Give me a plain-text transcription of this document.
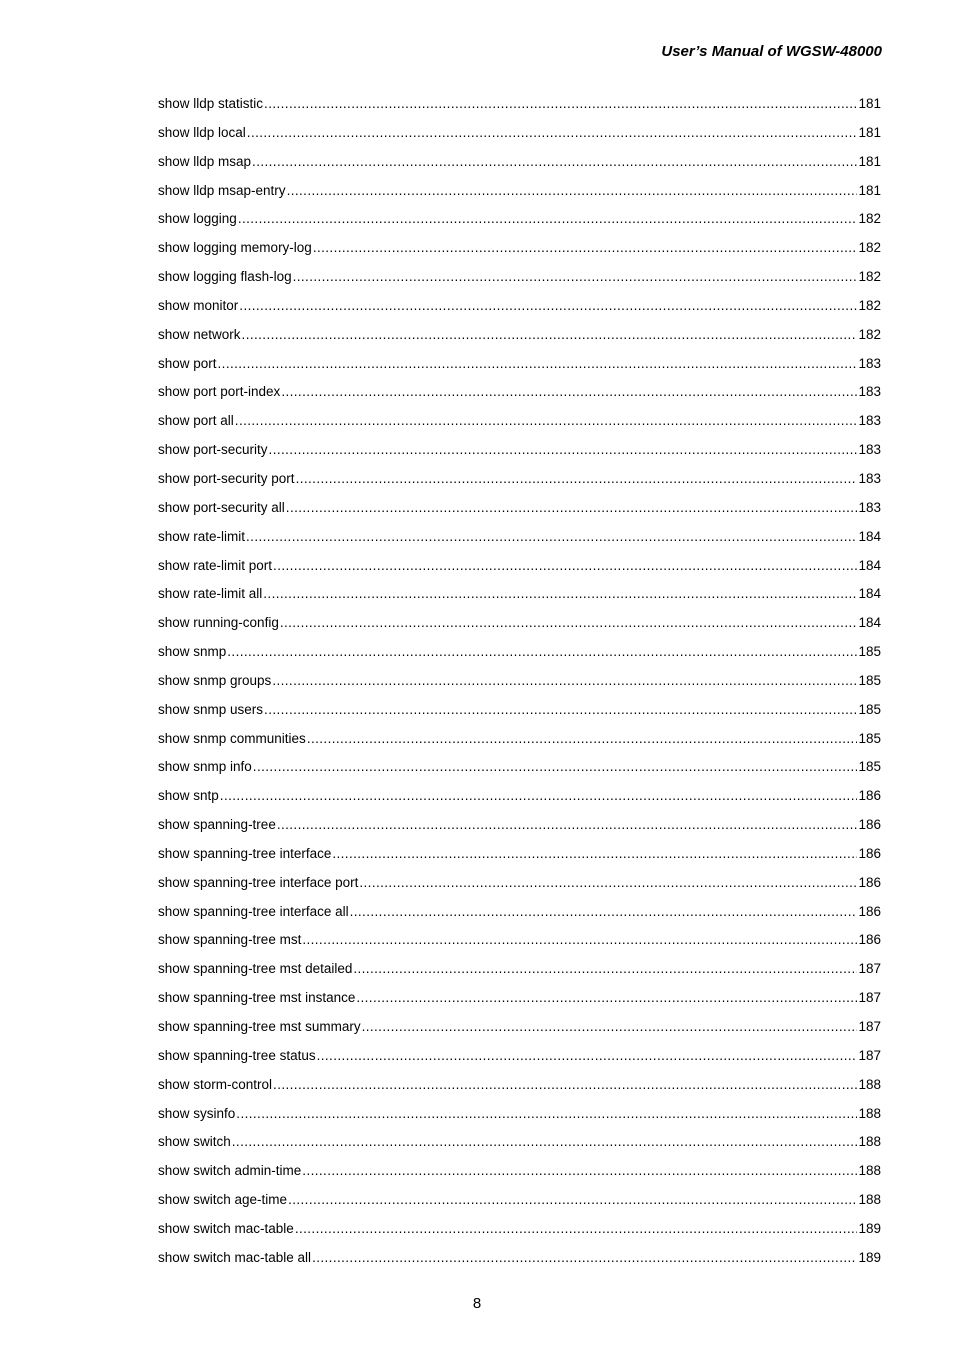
User’s Manual of WGSW-48000
show lldp statistic .....	181
show lldp local .....	181
show lldp msap .....	181
show lldp msap-entry .....	181
show logging .....	182
show logging memory-log .....	182
show logging flash-log .....	182
show monitor .....	182
show network .....	182
show port .....	183
show port port-index .....	183
show port all .....	183
show port-security .....	183
show port-security port .....	183
show port-security all .....	183
show rate-limit .....	184
show rate-limit port .....	184
show rate-limit all .....	184
show running-config .....	184
show snmp .....	185
show snmp groups .....	185
show snmp users .....	185
show snmp communities .....	185
show snmp info .....	185
show sntp .....	186
show spanning-tree .....	186
show spanning-tree interface .....	186
show spanning-tree interface port .....	186
show spanning-tree interface all .....	186
show spanning-tree mst .....	186
show spanning-tree mst detailed .....	187
show spanning-tree mst instance .....	187
show spanning-tree mst summary .....	187
show spanning-tree status .....	187
show storm-control .....	188
show sysinfo .....	188
show switch .....	188
show switch admin-time .....	188
show switch age-time .....	188
show switch mac-table .....	189
show switch mac-table all .....	189
8
